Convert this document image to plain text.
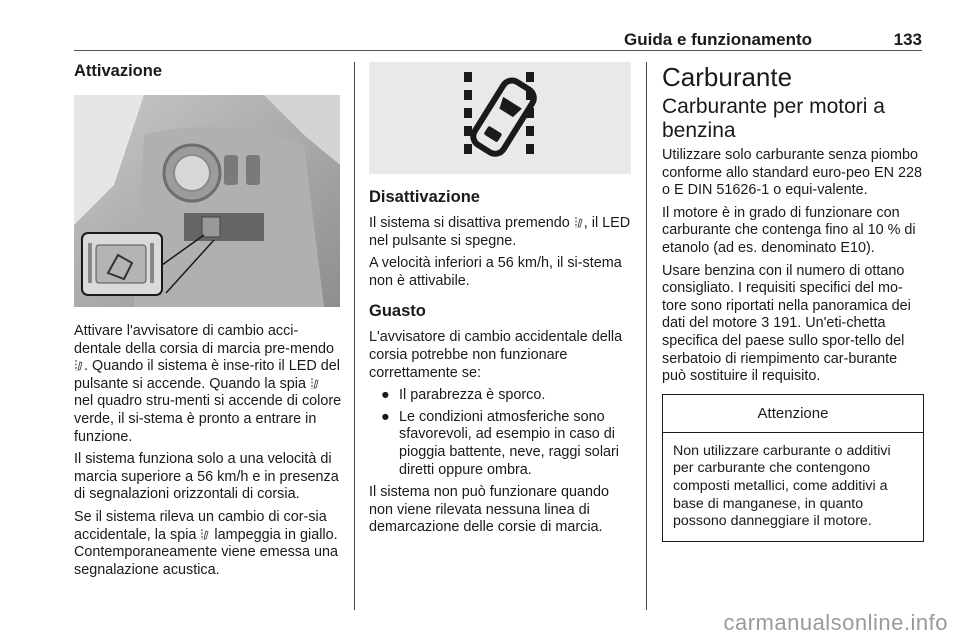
Guida e funzionamento	133
Attivazione

Attivare l'avvisatore di cambio acci-dentale della corsia di marcia pre-mendo . Quando il sistema è inse-rito il LED del pulsante si accende. Quando la spia  nel quadro stru-menti si accende di colore verde, il si-stema è pronto a entrare in funzione.

Il sistema funziona solo a una velocità di marcia superiore a 56 km/h e in presenza di segnalazioni orizzontali di corsia.

Se il sistema rileva un cambio di cor-sia accidentale, la spia lampeggia in giallo. Contemporaneamente viene emessa una segnalazione acustica.

Disattivazione

Il sistema si disattiva premendo , il LED nel pulsante si spegne.

A velocità inferiori a 56 km/h, il si-stema non è attivabile.

Guasto

L'avvisatore di cambio accidentale della corsia potrebbe non funzionare correttamente se:

● Il parabrezza è sporco.
● Le condizioni atmosferiche sono sfavorevoli, ad esempio in caso di pioggia battente, neve, raggi solari diretti oppure ombra.

Il sistema non può funzionare quando non viene rilevata nessuna linea di demarcazione delle corsie di marcia.

Carburante
Carburante per motori a benzina

Utilizzare solo carburante senza piombo conforme allo standard euro-peo EN 228 o E DIN 51626-1 o equi-valente.

Il motore è in grado di funzionare con carburante che contenga fino al 10 % di etanolo (ad es. denominato E10).

Usare benzina con il numero di ottano consigliato. I requisiti specifici del mo-tore sono riportati nella panoramica dei dati del motore 3 191. Un'eti-chetta specifica del paese sullo spor-tello del serbatoio di riempimento car-burante può sostituire il requisito.

Attenzione
Non utilizzare carburante o additivi per carburante che contengono composti metallici, come additivi a base di manganese, in quanto possono danneggiare il motore.
carmanualsonline.info
